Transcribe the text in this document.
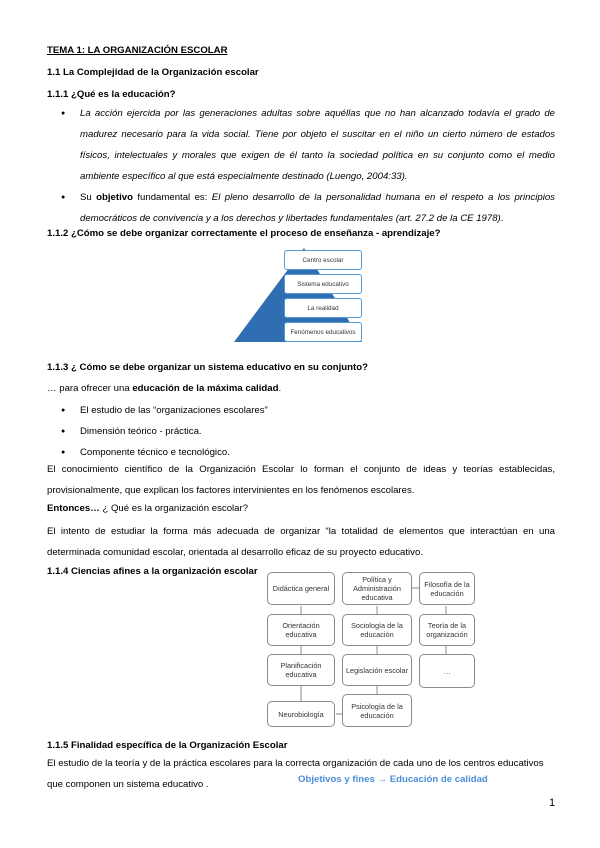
TEMA 1: LA ORGANIZACIÓN ESCOLAR
1.1 La Complejidad de la Organización escolar
1.1.1 ¿Qué es la educación?
● La acción ejercida por las generaciones adultas sobre aquéllas que no han alcanzado todavía el grado de madurez necesario para la vida social. Tiene por objeto el suscitar en el niño un cierto número de estados físicos, intelectuales y morales que exigen de él tanto la sociedad política en su conjunto como el medio ambiente específico al que está especialmente destinado (Luengo, 2004:33).
● Su objetivo fundamental es: El pleno desarrollo de la personalidad humana en el respeto a los principios democráticos de convivencia y a los derechos y libertades fundamentales (art. 27.2 de la CE 1978).
1.1.2 ¿Cómo se debe organizar correctamente el proceso de enseñanza - aprendizaje?
Centro escolar
Sistema educativo
La realidad
Fenómenos educativos
1.1.3 ¿ Cómo se debe organizar un sistema educativo en su conjunto?
… para ofrecer una educación de la máxima calidad.
● El estudio de las “organizaciones escolares”
● Dimensión teórico - práctica.
● Componente técnico e tecnológico.
El conocimiento científico de la Organización Escolar lo forman el conjunto de ideas y teorías establecidas, provisionalmente, que explican los factores intervinientes en los fenómenos escolares.
Entonces… ¿ Qué es la organización escolar?
El intento de estudiar la forma más adecuada de organizar “la totalidad de elementos que interactúan en una determinada comunidad escolar, orientada al desarrollo eficaz de su proyecto educativo.
1.1.4 Ciencias afines a la organización escolar
Didáctica general
Orientación educativa
Planificación educativa
Neurobiología
Política y Administración educativa
Sociología de la educación
Legislación escolar
Psicología de la educación
Filosofía de la educación
Teoría de la organización
…
1.1.5 Finalidad específica de la Organización Escolar
El estudio de la teoría y de la práctica escolares para la correcta organización de cada uno de los centros educativos que componen un sistema educativo .	Objetivos y fines → Educación de calidad
1
